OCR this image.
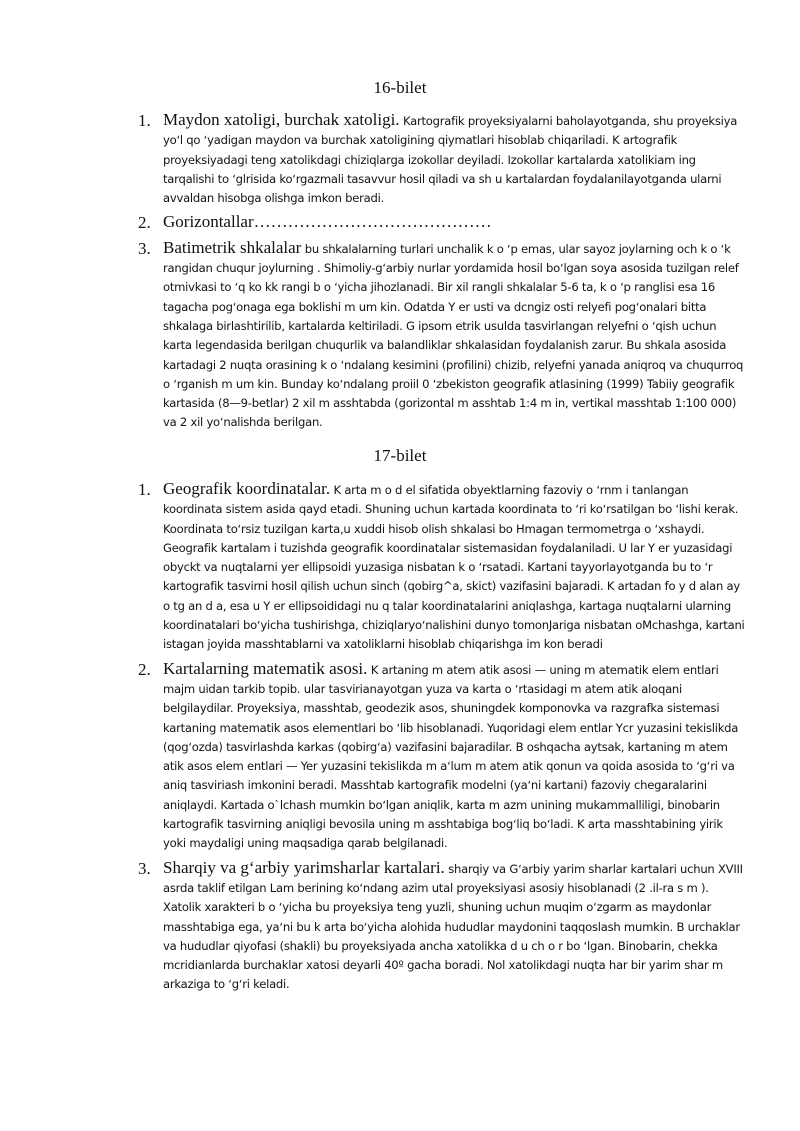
16-bilet
1. Maydon xatoligi, burchak xatoligi. Kartografik proyeksiyalarni baholayotganda, shu proyeksiya yoʻl qo ʻyadigan maydon va burchak xatoligining qiymatlari hisoblab chiqariladi. K artografik proyeksiyadagi teng xatolikdagi chiziqlarga izokollar deyiladi. Izokollar kartalarda xatolikiam ing tarqalishi to ʻglrisida koʻrgazmali tasavvur hosil qiladi va sh u kartalardan foydalanilayotganda ularni avvaldan hisobga olishga imkon beradi.
2. Gorizontallar……………………………………
3. Batimetrik shkalalar bu shkalalarning turlari unchalik k o ʻp emas, ular sayoz joylarning och k o ʻk rangidan chuqur joylurning . Shimoliy-gʻarbiy nurlar yordamida hosil boʻlgan soya asosida tuzilgan relef otmivkasi to ʻq ko kk rangi b o ʻyicha jihozlanadi. Bir xil rangli shkalalar 5-6 ta, k o ʻp ranglisi esa 16 tagacha pogʻonaga ega boklishi m um kin. Odatda Y er usti va dcngiz osti relyefi pogʻonalari bitta shkalaga birlashtirilib, kartalarda keltiriladi. G ipsom etrik usulda tasvirlangan relyefni o ʻqish uchun karta legendasida berilgan chuqurlik va balandliklar shkalasidan foydalanish zarur. Bu shkala asosida kartadagi 2 nuqta orasining k o ʻndalang kesimini (profilini) chizib, relyefni yanada aniqroq va chuqurroq o ʻrganish m um kin. Bunday koʻndalang proiil 0 ʻzbekiston geografik atlasining (1999) Tabiiy geografik kartasida (8—9-betlar) 2 xil m asshtabda (gorizontal m asshtab 1:4 m in, vertikal masshtab 1:100 000) va 2 xil yoʻnalishda berilgan.
17-bilet
1. Geografik koordinatalar. K arta m o d el sifatida obyektlarning fazoviy o ʻrnm i tanlangan koordinata sistem asida qayd etadi. Shuning uchun kartada koordinata to ʻri koʻrsatilgan bo ʻlishi kerak. Koordinata toʻrsiz tuzilgan karta,u xuddi hisob olish shkalasi bo Hmagan termometrga o ʻxshaydi. Geografik kartalam i tuzishda geografik koordinatalar sistemasidan foydalaniladi. U lar Y er yuzasidagi obyckt va nuqtalarni yer ellipsoidi yuzasiga nisbatan k o ʻrsatadi. Kartani tayyorlayotganda bu to ʻr kartografik tasvirni hosil qilish uchun sinch (qobirg^a, skict) vazifasini bajaradi. K artadan fo y d alan ay o tg an d a, esa u Y er ellipsoididagi nu q talar koordinatalarini aniqlashga, kartaga nuqtalarni ularning koordinatalari boʻyicha tushirishga, chiziqlaryoʻnalishini dunyo tomonJariga nisbatan oMchashga, kartani istagan joyida masshtablarni va xatoliklarni hisoblab chiqarishga im kon beradi
2. Kartalarning matematik asosi. K artaning m atem atik asosi — uning m atematik elem entlari majm uidan tarkib topib. ular tasvirianayotgan yuza va karta o ʻrtasidagi m atem atik aloqani belgilaydilar. Proyeksiya, masshtab, geodezik asos, shuningdek komponovka va razgrafka sistemasi kartaning matematik asos elementlari bo ʻlib hisoblanadi. Yuqoridagi elem entlar Ycr yuzasini tekislikda (qogʻozda) tasvirlashda karkas (qobirgʻa) vazifasini bajaradilar. B oshqacha aytsak, kartaning m atem atik asos elem entlari — Yer yuzasini tekislikda m aʻlum m atem atik qonun va qoida asosida to ʻgʻri va aniq tasviriash imkonini beradi. Masshtab kartografik modelni (yaʻni kartani) fazoviy chegaralarini aniqlaydi. Kartada o`lchash mumkin boʻlgan aniqlik, karta m azm unining mukammalliligi, binobarin kartografik tasvirning aniqligi bevosila uning m asshtabiga bogʻliq boʻladi. K arta masshtabining yirik yoki maydaligi uning maqsadiga qarab belgilanadi.
3. Sharqiy va gʻarbiy yarimsharlar kartalari. sharqiy va Gʻarbiy yarim sharlar kartalari uchun XVIII asrda taklif etilgan Lam berining koʻndang azim utal proyeksiyasi asosiy hisoblanadi (2 .il-ra s m ). Xatolik xarakteri b o ʻyicha bu proyeksiya teng yuzli, shuning uchun muqim oʻzgarm as maydonlar masshtabiga ega, yaʻni bu k arta boʻyicha alohida hududlar maydonini taqqoslash mumkin. B urchaklar va hududlar qiyofasi (shakli) bu proyeksiyada ancha xatolikka d u ch o r bo ʻlgan. Binobarin, chekka mcridianlarda burchaklar xatosi deyarli 40º gacha boradi. Nol xatolikdagi nuqta har bir yarim shar m arkaziga to ʻgʻri keladi.
